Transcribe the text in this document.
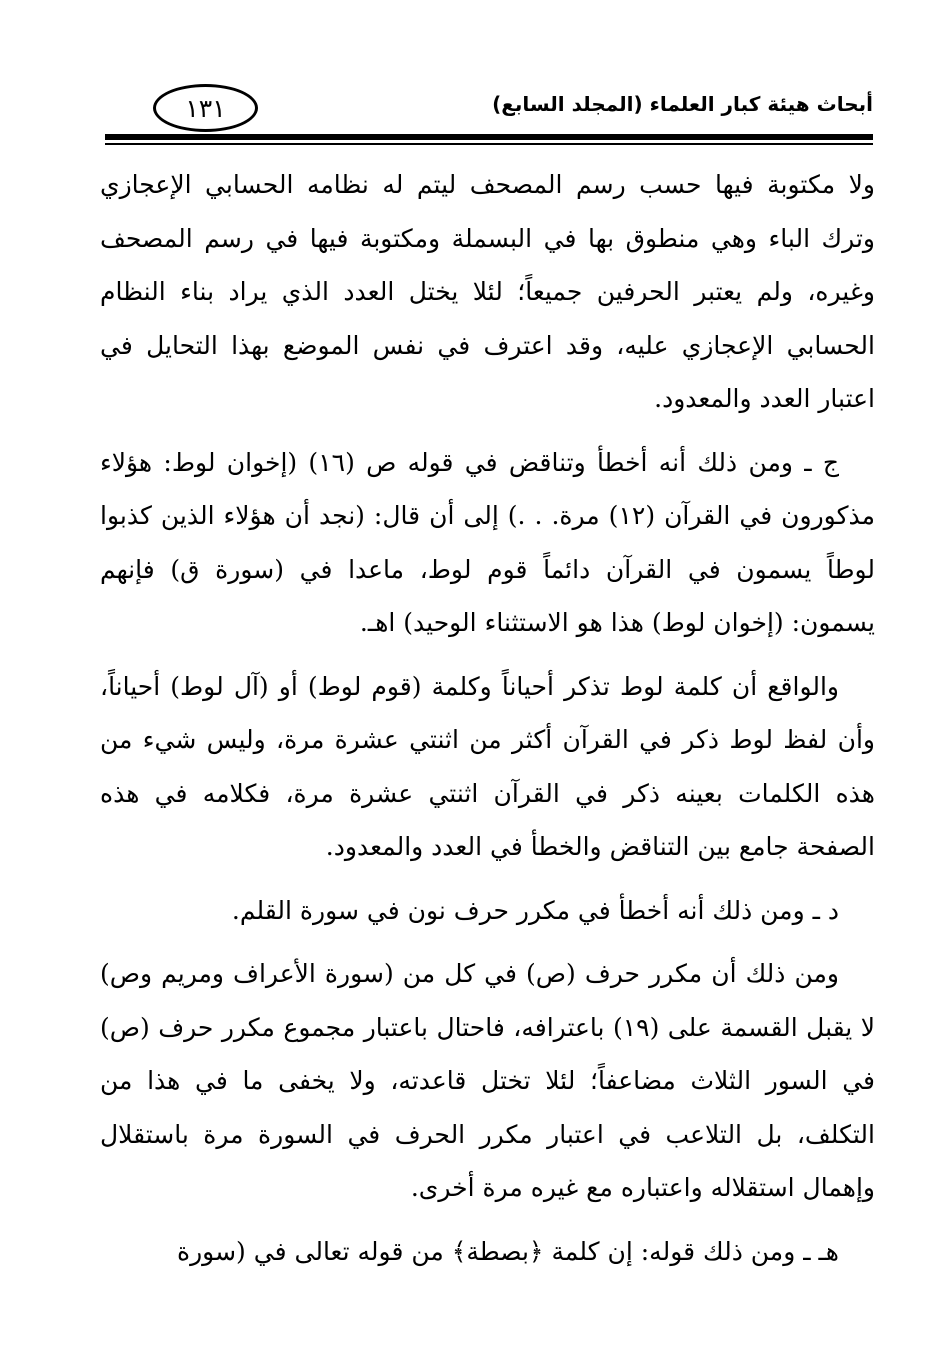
١٣١	أبحاث هيئة كبار العلماء (المجلد السابع)

ولا مكتوبة فيها حسب رسم المصحف ليتم له نظامه الحسابي الإعجازي وترك الباء وهي منطوق بها في البسملة ومكتوبة فيها في رسم المصحف وغيره، ولم يعتبر الحرفين جميعاً؛ لئلا يختل العدد الذي يراد بناء النظام الحسابي الإعجازي عليه، وقد اعترف في نفس الموضع بهذا التحايل في اعتبار العدد والمعدود.

ج ـ ومن ذلك أنه أخطأ وتناقض في قوله ص (١٦) (إخوان لوط: هؤلاء مذكورون في القرآن (١٢) مرة. . .) إلى أن قال: (نجد أن هؤلاء الذين كذبوا لوطاً يسمون في القرآن دائماً قوم لوط، ماعدا في (سورة ق) فإنهم يسمون: (إخوان لوط) هذا هو الاستثناء الوحيد) اهـ.

والواقع أن كلمة لوط تذكر أحياناً وكلمة (قوم لوط) أو (آل لوط) أحياناً، وأن لفظ لوط ذكر في القرآن أكثر من اثنتي عشرة مرة، وليس شيء من هذه الكلمات بعينه ذكر في القرآن اثنتي عشرة مرة، فكلامه في هذه الصفحة جامع بين التناقض والخطأ في العدد والمعدود.

د ـ ومن ذلك أنه أخطأ في مكرر حرف نون في سورة القلم.

ومن ذلك أن مكرر حرف (ص) في كل من (سورة الأعراف ومريم وص) لا يقبل القسمة على (١٩) باعترافه، فاحتال باعتبار مجموع مكرر حرف (ص) في السور الثلاث مضاعفاً؛ لئلا تختل قاعدته، ولا يخفى ما في هذا من التكلف، بل التلاعب في اعتبار مكرر الحرف في السورة مرة باستقلال وإهمال استقلاله واعتباره مع غيره مرة أخرى.

هـ ـ ومن ذلك قوله: إن كلمة ﴿بصطة﴾ من قوله تعالى في (سورة
